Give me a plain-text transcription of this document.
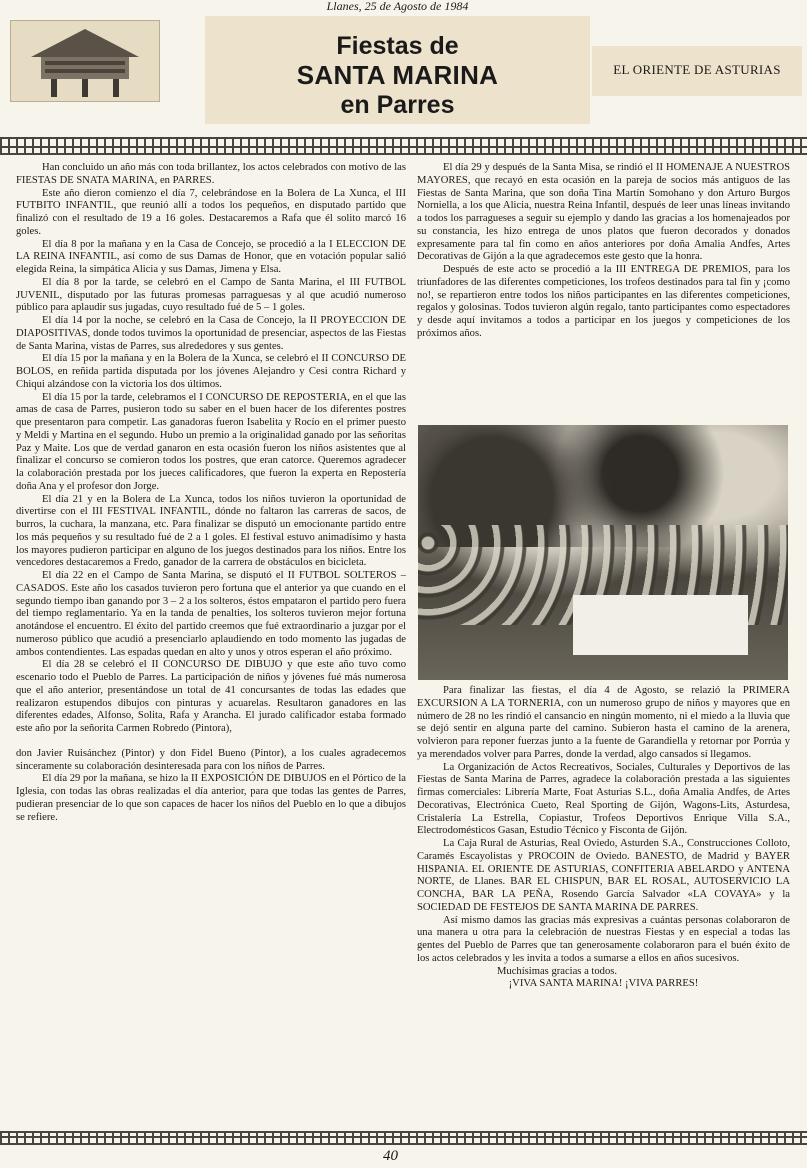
Llanes, 25 de Agosto de 1984
Fiestas de
SANTA MARINA
en Parres
EL ORIENTE DE ASTURIAS

Han concluido un año más con toda brillantez, los actos celebrados con motivo de las FIESTAS DE SNATA MARINA, en PARRES.

Este año dieron comienzo el día 7, celebrándose en la Bolera de La Xunca, el III FUTBITO INFANTIL, que reunió allí a todos los pequeños, en disputado partido que finalizó con el resultado de 19 a 16 goles. Destacaremos a Rafa que él solito marcó 16 goles.

El día 8 por la mañana y en la Casa de Concejo, se procedió a la I ELECCION DE LA REINA INFANTIL, así como de sus Damas de Honor, que en votación popular salió elegida Reina, la simpática Alicia y sus Damas, Jimena y Elsa.

El día 8 por la tarde, se celebró en el Campo de Santa Marina, el III FUTBOL JUVENIL, disputado por las futuras promesas parraguesas y al que acudió numeroso público para aplaudir sus jugadas, cuyo resultado fué de 5 – 1 goles.

El día 14 por la noche, se celebró en la Casa de Concejo, la II PROYECCION DE DIAPOSITIVAS, donde todos tuvimos la oportunidad de presenciar, aspectos de las Fiestas de Santa Marina, vistas de Parres, sus alrededores y sus gentes.

El día 15 por la mañana y en la Bolera de la Xunca, se celebró el II CONCURSO DE BOLOS, en reñida partida disputada por los jóvenes Alejandro y Cesi contra Richard y Chiqui alzándose con la victoria los dos últimos.

El día 15 por la tarde, celebramos el I CONCURSO DE REPOSTERIA, en el que las amas de casa de Parres, pusieron todo su saber en el buen hacer de los diferentes postres que presentaron para competir. Las ganadoras fueron Isabelita y Rocío en el primer puesto y Meldi y Martina en el segundo. Hubo un premio a la originalidad ganado por las señoritas Paz y Maite. Los que de verdad ganaron en esta ocasión fueron los niños asistentes que al finalizar el concurso se comieron todos los postres, que eran catorce. Queremos agradecer la colaboración prestada por los jueces calificadores, que fueron la experta en Repostería doña Ana y el profesor don Jorge.

El día 21 y en la Bolera de La Xunca, todos los niños tuvieron la oportunidad de divertirse con el III FESTIVAL INFANTIL, dónde no faltaron las carreras de sacos, de burros, la cuchara, la manzana, etc. Para finalizar se disputó un emocionante partido entre los más pequeños y su resultado fué de 2 a 1 goles. El festival estuvo animadísimo y hasta los mayores pudieron participar en alguno de los juegos destinados para los niños. Entre los vencedores destacaremos a Fredo, ganador de la carrera de obstáculos en bicicleta.

El día 22 en el Campo de Santa Marina, se disputó el II FUTBOL SOLTEROS – CASADOS. Este año los casados tuvieron pero fortuna que el anterior ya que cuando en el segundo tiempo iban ganando por 3 – 2 a los solteros, éstos empataron el partido pero fuera del tiempo reglamentario. Ya en la tanda de penalties, los solteros tuvieron mejor fortuna anotándose el encuentro. El éxito del partido creemos que fué extraordinario a juzgar por el numeroso público que acudió a presenciarlo aplaudiendo en todo momento las jugadas de ambos contendientes. Las espadas quedan en alto y unos y otros esperan el año próximo.

El día 28 se celebró el II CONCURSO DE DIBUJO y que este año tuvo como escenario todo el Pueblo de Parres. La participación de niños y jóvenes fué más numerosa que el año anterior, presentándose un total de 41 concursantes de todas las edades que realizaron estupendos dibujos con pinturas y acuarelas. Resultaron ganadores en las diferentes edades, Alfonso, Solita, Rafa y Arancha. El jurado calificador estaba formado este año por la señorita Carmen Robredo (Pintora),

don Javier Ruisánchez (Pintor) y don Fidel Bueno (Pintor), a los cuales agradecemos sinceramente su colaboración desinteresada para con los niños de Parres.

El día 29 por la mañana, se hizo la II EXPOSICIÓN DE DIBUJOS en el Pórtico de la Iglesia, con todas las obras realizadas el día anterior, para que todas las gentes de Parres, pudieran presenciar de lo que son capaces de hacer los niños del Pueblo en lo que a dibujos se refiere.

El día 29 y después de la Santa Misa, se rindió el II HOMENAJE A NUESTROS MAYORES, que recayó en esta ocasión en la pareja de socios más antiguos de las Fiestas de Santa Marina, que son doña Tina Martín Somohano y don Arturo Burgos Norniella, a los que Alicia, nuestra Reina Infantil, después de leer unas líneas invitando a todos los parragueses a seguir su ejemplo y dando las gracias a los homenajeados por su constancia, les hizo entrega de unos platos que fueron decorados y donados expresamente para tal fin como en años anteriores por doña Amalia Andfes, Artes Decorativas de Gijón a la que agradecemos este gesto que la honra.

Después de este acto se procedió a la III ENTREGA DE PREMIOS, para los triunfadores de las diferentes competiciones, los trofeos destinados para tal fin y ¡como no!, se repartieron entre todos los niños participantes en las diferentes competiciones, regalos y golosinas. Todos tuvieron algún regalo, tanto participantes como espectadores y desde aquí invitamos a todos a participar en los juegos y competiciones de los próximos años.

Para finalizar las fiestas, el día 4 de Agosto, se relazió la PRIMERA EXCURSION A LA TORNERIA, con un numeroso grupo de niños y mayores que en número de 28 no les rindió el cansancio en ningún momento, ni el miedo a la lluvia que se dejó sentir en alguna parte del camino. Subieron hasta el camino de la arenera, volvieron para reponer fuerzas junto a la fuente de Garandiella y retornar por Porrúa y ya merendados volver para Parres, donde la verdad, algo cansados sí llegamos.

La Organización de Actos Recreativos, Sociales, Culturales y Deportivos de las Fiestas de Santa Marina de Parres, agradece la colaboración prestada a las siguientes firmas comerciales: Librería Marte, Foat Asturias S.L., doña Amalia Andfes, de Artes Decorativas, Electrónica Cueto, Real Sporting de Gijón, Wagons-Lits, Asturdesa, Cristalería La Estrella, Copiastur, Trofeos Deportivos Enrique Villa S.A., Electrodomésticos Gasan, Estudio Técnico y Fisconta de Gijón.

La Caja Rural de Asturias, Real Oviedo, Asturden S.A., Construcciones Colloto, Caramés Escayolistas y PROCOIN de Oviedo. BANESTO, de Madrid y BAYER HISPANIA. EL ORIENTE DE ASTURIAS, CONFITERIA ABELARDO y ANTENA NORTE, de Llanes. BAR EL CHISPUN, BAR EL ROSAL, AUTOSERVICIO LA CONCHA, BAR LA PEÑA, Rosendo García Salvador «LA COVAYA» y la SOCIEDAD DE FESTEJOS DE SANTA MARINA DE PARRES.

Así mismo damos las gracias más expresivas a cuántas personas colaboraron de una manera u otra para la celebración de nuestras Fiestas y en especial a todas las gentes del Pueblo de Parres que tan generosamente colaboraron para el buén éxito de los actos celebrados y les invita a todos a sumarse a ellos en años sucesivos.

Muchísimas gracias a todos.

¡VIVA SANTA MARINA! ¡VIVA PARRES!

40
